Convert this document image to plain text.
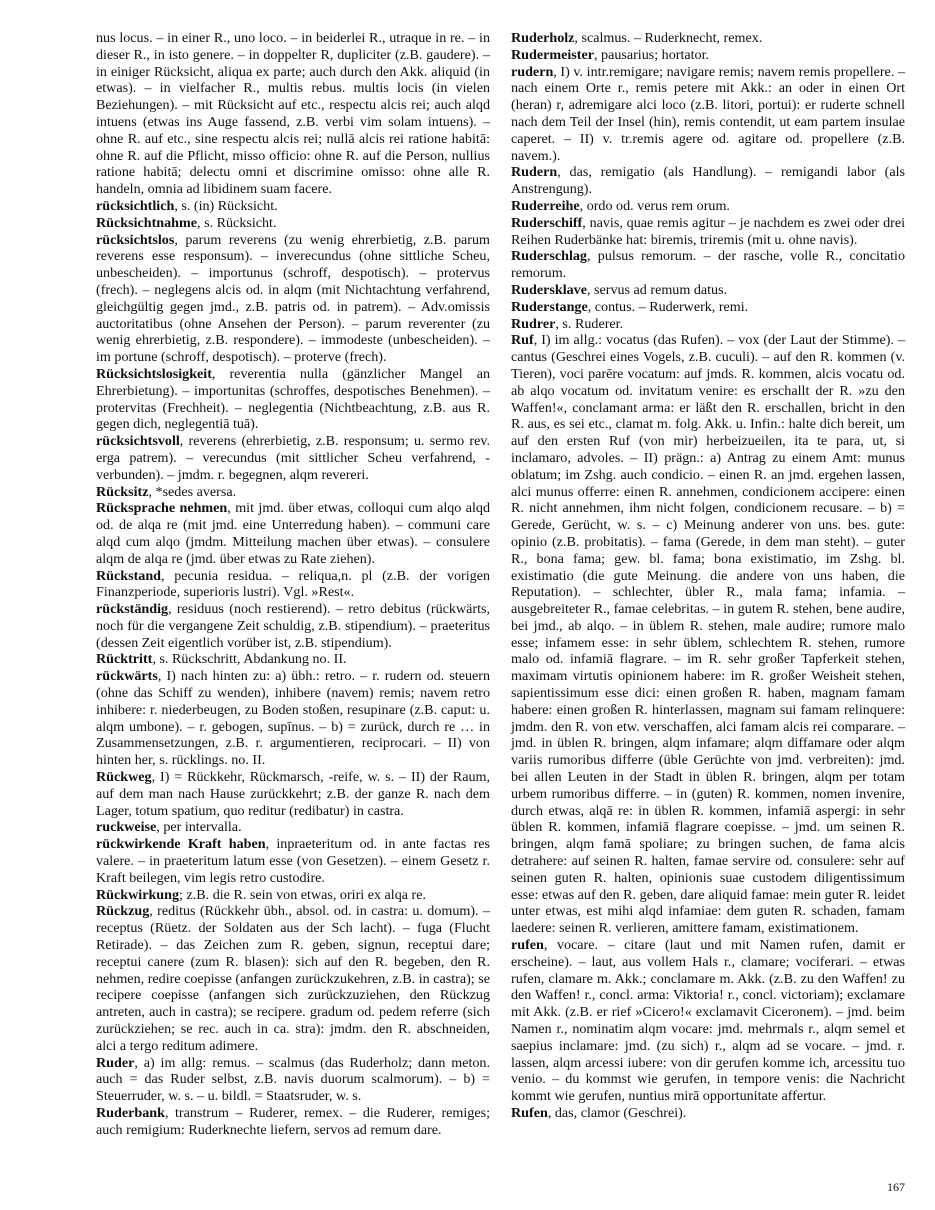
nus locus. – in einer R., uno loco. – in beiderlei R., utraque in re. – in dieser R., in isto genere. – in doppelter R, dupliciter (z.B. gaudere). – in einiger Rücksicht, aliqua ex parte; auch durch den Akk. aliquid (in etwas). – in vielfacher R., multis rebus. multis locis (in vielen Beziehungen). – mit Rücksicht auf etc., respectu alcis rei; auch alqd intuens (etwas ins Auge fassend, z.B. verbi vim solam intuens). – ohne R. auf etc., sine respectu alcis rei; nullā alcis rei ratione habitā: ohne R. auf die Pflicht, misso officio: ohne R. auf die Person, nullius ratione habitā; delectu omni et discrimine omisso: ohne alle R. handeln, omnia ad libidinem suam facere.

rücksichtlich, s. (in) Rücksicht.

Rücksichtnahme, s. Rücksicht.

rücksichtslos, parum reverens (zu wenig ehrerbietig, z.B. parum reverens esse responsum). – inverecundus (ohne sittliche Scheu, unbescheiden). – importunus (schroff, despotisch). – protervus (frech). – neglegens alcis od. in alqm (mit Nichtachtung verfahrend, gleichgültig gegen jmd., z.B. patris od. in patrem). – Adv.omissis auctoritatibus (ohne Ansehen der Person). – parum reverenter (zu wenig ehrerbietig, z.B. respondere). – immodeste (unbescheiden). – im portune (schroff, despotisch). – proterve (frech).

Rücksichtslosigkeit, reverentia nulla (gänzlicher Mangel an Ehrerbietung). – importunitas (schroffes, despotisches Benehmen). – protervitas (Frechheit). – neglegentia (Nichtbeachtung, z.B. aus R. gegen dich, neglegentiā tuā).

rücksichtsvoll, reverens (ehrerbietig, z.B. responsum; u. sermo rev. erga patrem). – verecundus (mit sittlicher Scheu verfahrend, -verbunden). – jmdm. r. begegnen, alqm revereri.

Rücksitz, *sedes aversa.

Rücksprache nehmen, mit jmd. über etwas, colloqui cum alqo alqd od. de alqa re (mit jmd. eine Unterredung haben). – communi care alqd cum alqo (jmdm. Mitteilung machen über etwas). – consulere alqm de alqa re (jmd. über etwas zu Rate ziehen).

Rückstand, pecunia residua. – reliqua,n. pl (z.B. der vorigen Finanzperiode, superioris lustri). Vgl. »Rest«.

rückständig, residuus (noch restierend). – retro debitus (rückwärts, noch für die vergangene Zeit schuldig, z.B. stipendium). – praeteritus (dessen Zeit eigentlich vorüber ist, z.B. stipendium).

Rücktritt, s. Rückschritt, Abdankung no. II.

rückwärts, I) nach hinten zu: a) übh.: retro. – r. rudern od. steuern (ohne das Schiff zu wenden), inhibere (navem) remis; navem retro inhibere: r. niederbeugen, zu Boden stoßen, resupinare (z.B. caput: u. alqm umbone). – r. gebogen, supīnus. – b) = zurück, durch re … in Zusammensetzungen, z.B. r. argumentieren, reciprocari. – II) von hinten her, s. rücklings. no. II.

Rückweg, I) = Rückkehr, Rückmarsch, -reife, w. s. – II) der Raum, auf dem man nach Hause zurückkehrt; z.B. der ganze R. nach dem Lager, totum spatium, quo reditur (redibatur) in castra.

ruckweise, per intervalla.

rückwirkende Kraft haben, inpraeteritum od. in ante factas res valere. – in praeteritum latum esse (von Gesetzen). – einem Gesetz r. Kraft beilegen, vim legis retro custodire.

Rückwirkung; z.B. die R. sein von etwas, oriri ex alqa re.

Rückzug, reditus (Rückkehr übh., absol. od. in castra: u. domum). – receptus (Rüetz. der Soldaten aus der Sch lacht). – fuga (Flucht Retirade). – das Zeichen zum R. geben, signun, receptui dare; receptui canere (zum R. blasen): sich auf den R. begeben, den R. nehmen, redire coepisse (anfangen zurückzukehren, z.B. in castra); se recipere coepisse (anfangen sich zurückzuziehen, den Rückzug antreten, auch in castra); se recipere. gradum od. pedem referre (sich zurückziehen; se rec. auch in ca. stra): jmdm. den R. abschneiden, alci a tergo reditum adimere.

Ruder, a) im allg: remus. – scalmus (das Ruderholz; dann meton. auch = das Ruder selbst, z.B. navis duorum scalmorum). – b) = Steuerruder, w. s. – u. bildl. = Staatsruder, w. s.

Ruderbank, transtrum – Ruderer, remex. – die Ruderer, remiges; auch remigium: Ruderknechte liefern, servos ad remum dare.

Ruderholz, scalmus. – Ruderknecht, remex.

Rudermeister, pausarius; hortator.

rudern, I) v. intr.remigare; navigare remis; navem remis propellere. – nach einem Orte r., remis petere mit Akk.: an oder in einen Ort (heran) r, adremigare alci loco (z.B. litori, portui): er ruderte schnell nach dem Teil der Insel (hin), remis contendit, ut eam partem insulae caperet. – II) v. tr.remis agere od. agitare od. propellere (z.B. navem.).

Rudern, das, remigatio (als Handlung). – remigandi labor (als Anstrengung).

Ruderreihe, ordo od. verus rem orum.

Ruderschiff, navis, quae remis agitur – je nachdem es zwei oder drei Reihen Ruderbänke hat: biremis, triremis (mit u. ohne navis).

Ruderschlag, pulsus remorum. – der rasche, volle R., concitatio remorum.

Rudersklave, servus ad remum datus.

Ruderstange, contus. – Ruderwerk, remi.

Rudrer, s. Ruderer.

Ruf, I) im allg.: vocatus (das Rufen). – vox (der Laut der Stimme). – cantus (Geschrei eines Vogels, z.B. cuculi). – auf den R. kommen (v. Tieren), voci parēre vocatum: auf jmds. R. kommen, alcis vocatu od. ab alqo vocatum od. invitatum venire: es erschallt der R. »zu den Waffen!«, conclamant arma: er läßt den R. erschallen, bricht in den R. aus, es sei etc., clamat m. folg. Akk. u. Infin.: halte dich bereit, um auf den ersten Ruf (von mir) herbeizueilen, ita te para, ut, si inclamaro, advoles. – II) prägn.: a) Antrag zu einem Amt: munus oblatum; im Zshg. auch condicio. – einen R. an jmd. ergehen lassen, alci munus offerre: einen R. annehmen, condicionem accipere: einen R. nicht annehmen, ihm nicht folgen, condicionem recusare. – b) = Gerede, Gerücht, w. s. – c) Meinung anderer von uns. bes. gute: opinio (z.B. probitatis). – fama (Gerede, in dem man steht). – guter R., bona fama; gew. bl. fama; bona existimatio, im Zshg. bl. existimatio (die gute Meinung. die andere von uns haben, die Reputation). – schlechter, übler R., mala fama; infamia. – ausgebreiteter R., famae celebritas. – in gutem R. stehen, bene audire, bei jmd., ab alqo. – in üblem R. stehen, male audire; rumore malo esse; infamem esse: in sehr üblem, schlechtem R. stehen, rumore malo od. infamiā flagrare. – im R. sehr großer Tapferkeit stehen, maximam virtutis opinionem habere: im R. großer Weisheit stehen, sapientissimum esse dici: einen großen R. haben, magnam famam habere: einen großen R. hinterlassen, magnam sui famam relinquere: jmdm. den R. von etw. verschaffen, alci famam alcis rei comparare. – jmd. in üblen R. bringen, alqm infamare; alqm diffamare oder alqm variis rumoribus differre (üble Gerüchte von jmd. verbreiten): jmd. bei allen Leuten in der Stadt in üblen R. bringen, alqm per totam urbem rumoribus differre. – in (guten) R. kommen, nomen invenire, durch etwas, alqā re: in üblen R. kommen, infamiā aspergi: in sehr üblen R. kommen, infamiā flagrare coepisse. – jmd. um seinen R. bringen, alqm famā spoliare; zu bringen suchen, de fama alcis detrahere: auf seinen R. halten, famae servire od. consulere: sehr auf seinen guten R. halten, opinionis suae custodem diligentissimum esse: etwas auf den R. geben, dare aliquid famae: mein guter R. leidet unter etwas, est mihi alqd infamiae: dem guten R. schaden, famam laedere: seinen R. verlieren, amittere famam, existimationem.

rufen, vocare. – citare (laut und mit Namen rufen, damit er erscheine). – laut, aus vollem Hals r., clamare; vociferari. – etwas rufen, clamare m. Akk.; conclamare m. Akk. (z.B. zu den Waffen! zu den Waffen! r., concl. arma: Viktoria! r., concl. victoriam); exclamare mit Akk. (z.B. er rief »Cicero!« exclamavit Ciceronem). – jmd. beim Namen r., nominatim alqm vocare: jmd. mehrmals r., alqm semel et saepius inclamare: jmd. (zu sich) r., alqm ad se vocare. – jmd. r. lassen, alqm arcessi iubere: von dir gerufen komme ich, arcessitu tuo venio. – du kommst wie gerufen, in tempore venis: die Nachricht kommt wie gerufen, nuntius mirā opportunitate affertur.

Rufen, das, clamor (Geschrei).

167
